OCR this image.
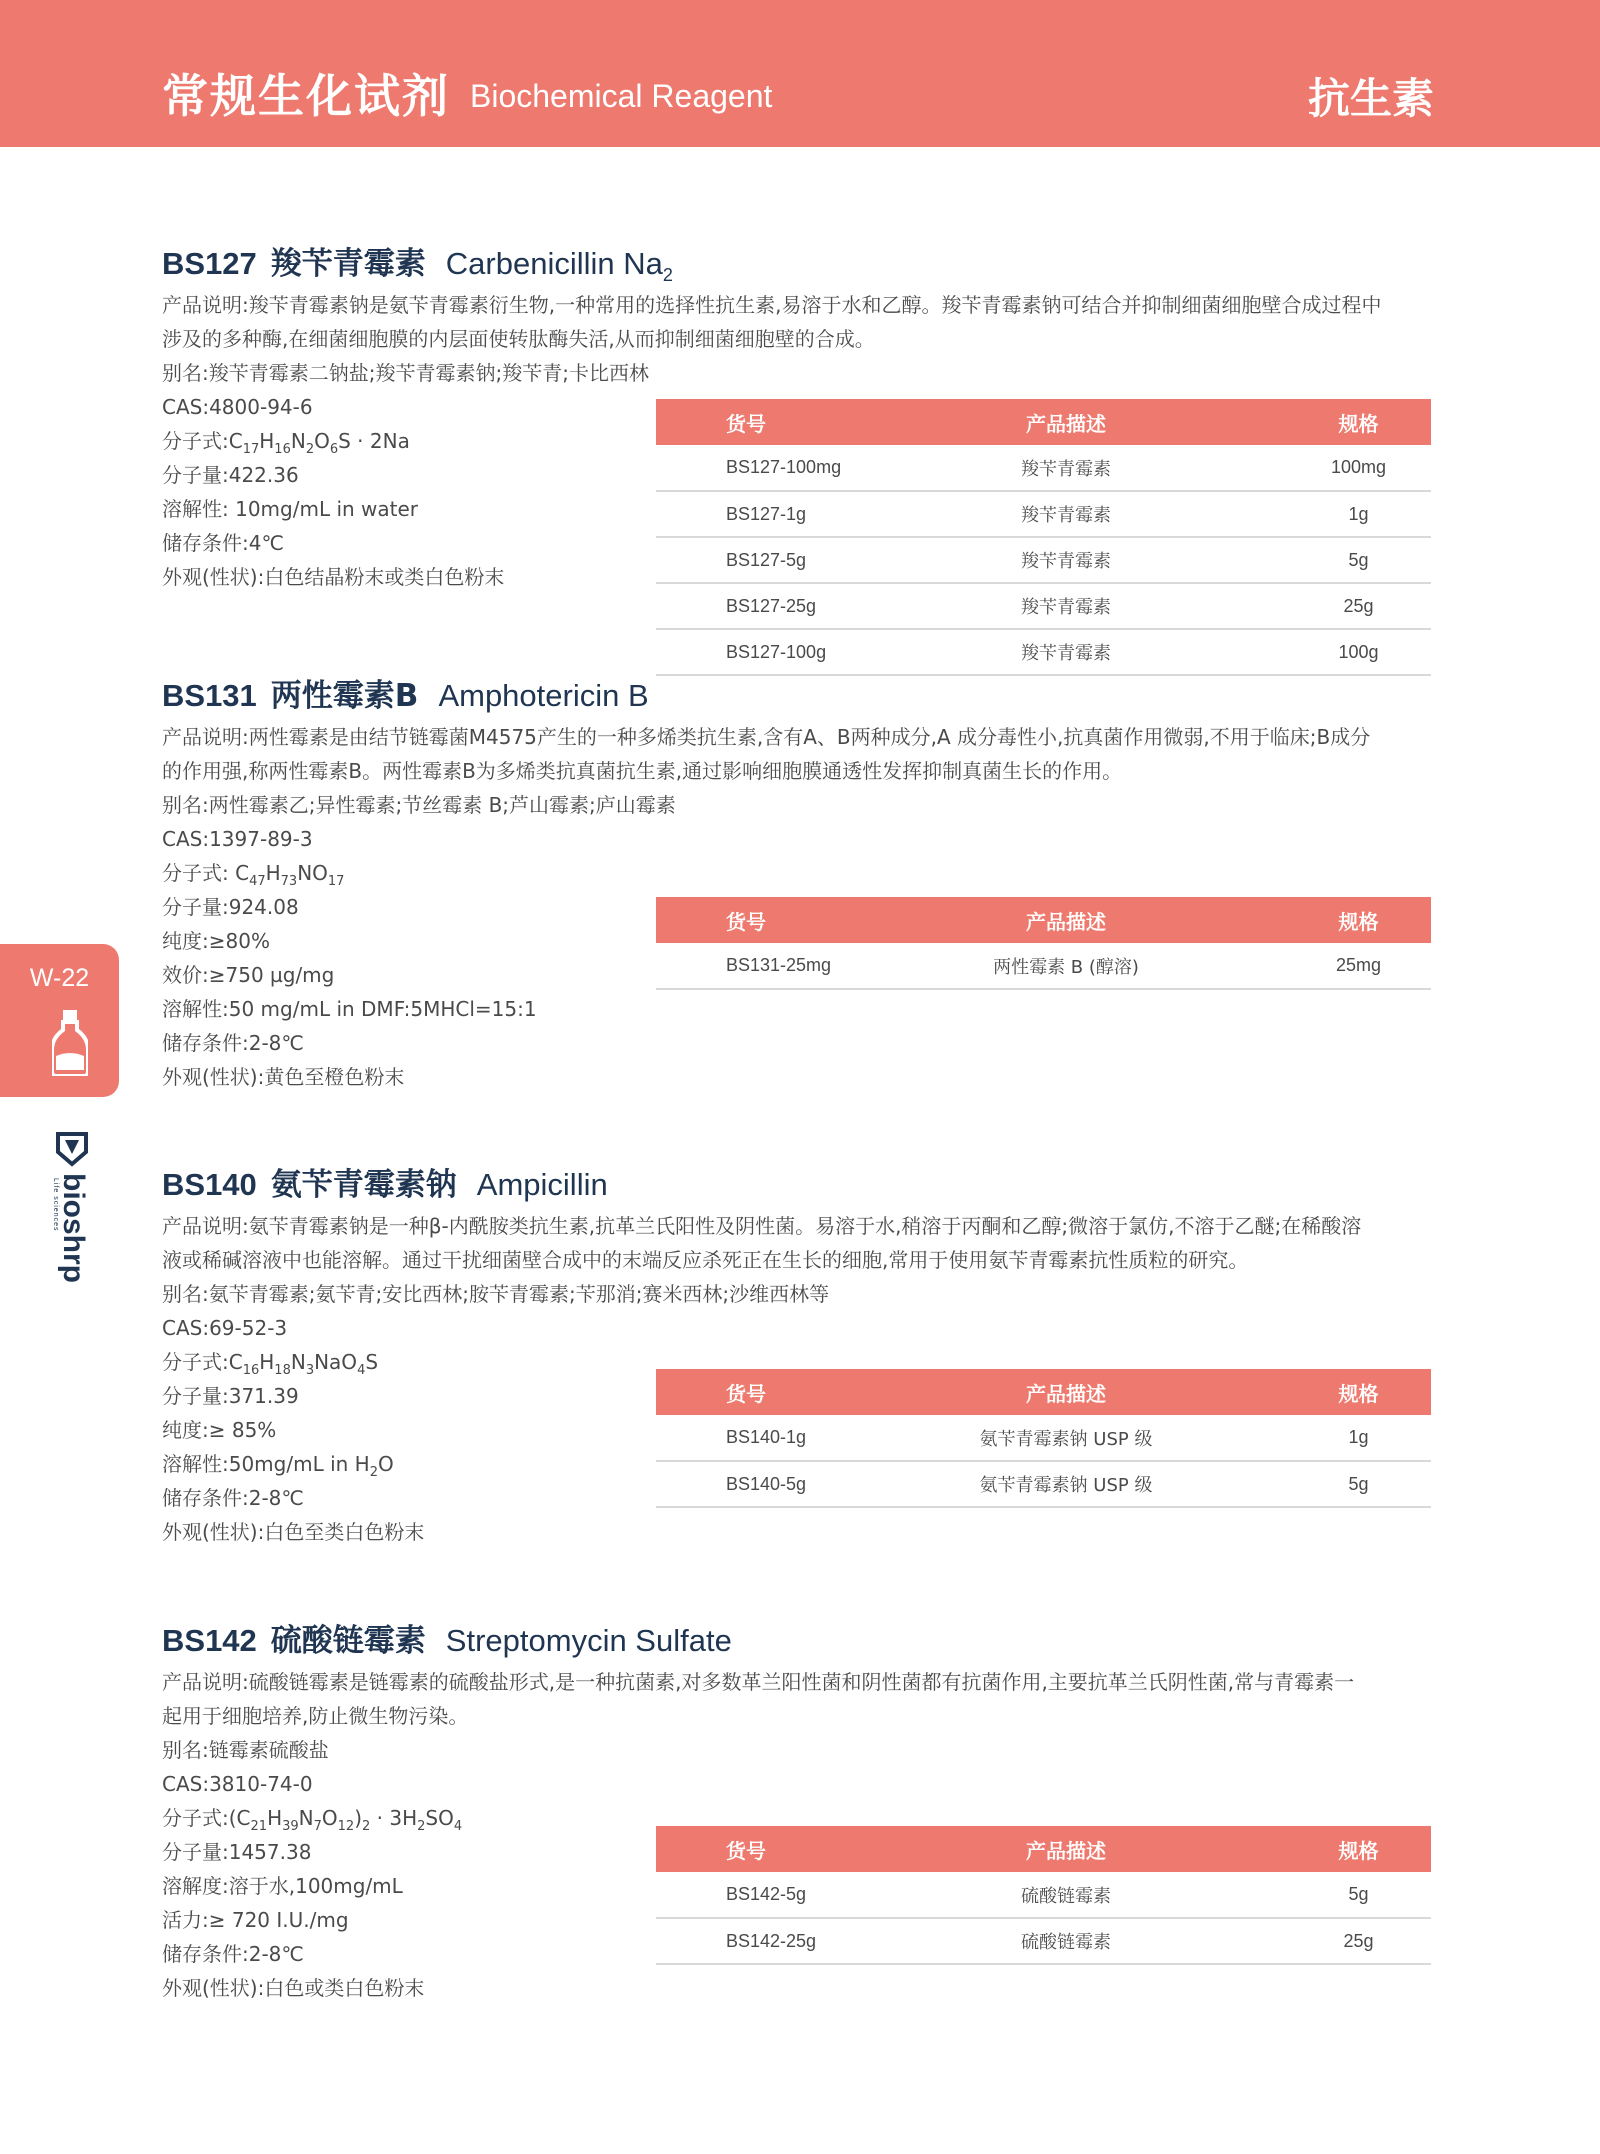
常规生化试剂 Biochemical Reagent	抗生素
W-22
bioshrp
Life sciences
BS127 羧苄青霉素 Carbenicillin $Na_2$
产品说明:羧苄青霉素钠是氨苄青霉素衍生物,一种常用的选择性抗生素,易溶于水和乙醇。羧苄青霉素钠可结合并抑制细菌细胞壁合成过程中
涉及的多种酶,在细菌细胞膜的内层面使转肽酶失活,从而抑制细菌细胞壁的合成。
别名:羧苄青霉素二钠盐;羧苄青霉素钠;羧苄青;卡比西林
CAS:4800-94-6
分子式$:C_{17}H_{16}N_2O_6S \cdot 2Na$
分子量:422.36
溶解性: 10mg/mL in water
储存条件:4℃
外观(性状):白色结晶粉末或类白色粉末
货号	产品描述	规格
BS127-100mg	羧苄青霉素	100mg
BS127-1g	羧苄青霉素	1g
BS127-5g	羧苄青霉素	5g
BS127-25g	羧苄青霉素	25g
BS127-100g	羧苄青霉素	100g
BS131 两性霉素B Amphotericin B
产品说明:两性霉素是由结节链霉菌M4575产生的一种多烯类抗生素,含有A、B两种成分,A 成分毒性小,抗真菌作用微弱,不用于临床;B成分
的作用强,称两性霉素B。两性霉素B为多烯类抗真菌抗生素,通过影响细胞膜通透性发挥抑制真菌生长的作用。
别名:两性霉素乙;异性霉素;节丝霉素 B;芦山霉素;庐山霉素
CAS:1397-89-3
分子式: $C_{47}H_{73}NO_{17}$
分子量:924.08
纯度:≥80%
效价:≥750 µg/mg
溶解性:50 mg/mL in DMF:5MHCl=15:1
储存条件:2-8℃
外观(性状):黄色至橙色粉末
货号	产品描述	规格
BS131-25mg	两性霉素 B (醇溶)	25mg
BS140 氨苄青霉素钠 Ampicillin
产品说明:氨苄青霉素钠是一种β-内酰胺类抗生素,抗革兰氏阳性及阴性菌。易溶于水,稍溶于丙酮和乙醇;微溶于氯仿,不溶于乙醚;在稀酸溶
液或稀碱溶液中也能溶解。通过干扰细菌壁合成中的末端反应杀死正在生长的细胞,常用于使用氨苄青霉素抗性质粒的研究。
别名:氨苄青霉素;氨苄青;安比西林;胺苄青霉素;苄那消;赛米西林;沙维西林等
CAS:69-52-3
分子式$:C_{16}H_{18}N_3NaO_4S$
分子量:371.39
纯度:≥ 85%
溶解性:50mg/mL in $H_2O$
储存条件:2-8℃
外观(性状):白色至类白色粉末
货号	产品描述	规格
BS140-1g	氨苄青霉素钠 USP 级	1g
BS140-5g	氨苄青霉素钠 USP 级	5g
BS142 硫酸链霉素 Streptomycin Sulfate
产品说明:硫酸链霉素是链霉素的硫酸盐形式,是一种抗菌素,对多数革兰阳性菌和阴性菌都有抗菌作用,主要抗革兰氏阴性菌,常与青霉素一
起用于细胞培养,防止微生物污染。
别名:链霉素硫酸盐
CAS:3810-74-0
分子式$:(C_{21}H_{39}N_7O_{12})_2 \cdot 3H_2SO_4$
分子量:1457.38
溶解度:溶于水,100mg/mL
活力:≥ 720 I.U./mg
储存条件:2-8℃
外观(性状):白色或类白色粉末
货号	产品描述	规格
BS142-5g	硫酸链霉素	5g
BS142-25g	硫酸链霉素	25g
